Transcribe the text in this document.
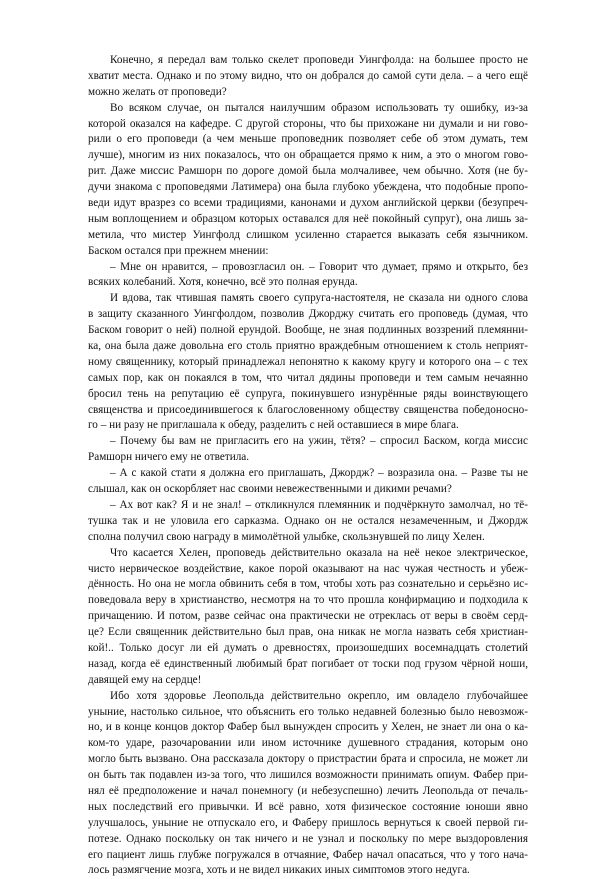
Конечно, я передал вам только скелет проповеди Уингфолда: на большее просто не
хватит места. Однако и по этому видно, что он добрался до самой сути дела. – а чего ещё
можно желать от проповеди?
Во всяком случае, он пытался наилучшим образом использовать ту ошибку, из-за
которой оказался на кафедре. С другой стороны, что бы прихожане ни думали и ни гово-
рили о его проповеди (а чем меньше проповедник позволяет себе об этом думать, тем
лучше), многим из них показалось, что он обращается прямо к ним, а это о многом гово-
рит. Даже миссис Рамшорн по дороге домой была молчаливее, чем обычно. Хотя (не бу-
дучи знакома с проповедями Латимера) она была глубоко убеждена, что подобные пропо-
веди идут вразрез со всеми традициями, канонами и духом английской церкви (безупреч-
ным воплощением и образцом которых оставался для неё покойный супруг), она лишь за-
метила, что мистер Уингфолд слишком усиленно старается выказать себя язычником.
Баском остался при прежнем мнении:
– Мне он нравится, – провозгласил он. – Говорит что думает, прямо и открыто, без
всяких колебаний. Хотя, конечно, всё это полная ерунда.
И вдова, так чтившая память своего супруга-настоятеля, не сказала ни одного слова
в защиту сказанного Уингфолдом, позволив Джорджу считать его проповедь (думая, что
Баском говорит о ней) полной ерундой. Вообще, не зная подлинных воззрений племянни-
ка, она была даже довольна его столь приятно враждебным отношением к столь неприят-
ному священнику, который принадлежал непонятно к какому кругу и которого она – с тех
самых пор, как он покаялся в том, что читал дядины проповеди и тем самым нечаянно
бросил тень на репутацию её супруга, покинувшего изнурённые ряды воинствующего
священства и присоединившегося к благословенному обществу священства победоносно-
го – ни разу не приглашала к обеду, разделить с ней оставшиеся в мире блага.
– Почему бы вам не пригласить его на ужин, тётя? – спросил Баском, когда миссис
Рамшорн ничего ему не ответила.
– А с какой стати я должна его приглашать, Джордж? – возразила она. – Разве ты не
слышал, как он оскорбляет нас своими невежественными и дикими речами?
– Ах вот как? Я и не знал! – откликнулся племянник и подчёркнуто замолчал, но тё-
тушка так и не уловила его сарказма. Однако он не остался незамеченным, и Джордж
сполна получил свою награду в мимолётной улыбке, скользнувшей по лицу Хелен.
Что касается Хелен, проповедь действительно оказала на неё некое электрическое,
чисто нервическое воздействие, какое порой оказывают на нас чужая честность и убеж-
дённость. Но она не могла обвинить себя в том, чтобы хоть раз сознательно и серьёзно ис-
поведовала веру в христианство, несмотря на то что прошла конфирмацию и подходила к
причащению. И потом, разве сейчас она практически не отреклась от веры в своём серд-
це? Если священник действительно был прав, она никак не могла назвать себя христиан-
кой!.. Только досуг ли ей думать о древностях, произошедших восемнадцать столетий
назад, когда её единственный любимый брат погибает от тоски под грузом чёрной ноши,
давящей ему на сердце!
Ибо хотя здоровье Леопольда действительно окрепло, им овладело глубочайшее
уныние, настолько сильное, что объяснить его только недавней болезнью было невозмож-
но, и в конце концов доктор Фабер был вынужден спросить у Хелен, не знает ли она о ка-
ком-то ударе, разочаровании или ином источнике душевного страдания, которым оно
могло быть вызвано. Она рассказала доктору о пристрастии брата и спросила, не может ли
он быть так подавлен из-за того, что лишился возможности принимать опиум. Фабер при-
нял её предположение и начал понемногу (и небезуспешно) лечить Леопольда от печаль-
ных последствий его привычки. И всё равно, хотя физическое состояние юноши явно
улучшалось, уныние не отпускало его, и Фаберу пришлось вернуться к своей первой ги-
потезе. Однако поскольку он так ничего и не узнал и поскольку по мере выздоровления
его пациент лишь глубже погружался в отчаяние, Фабер начал опасаться, что у того нача-
лось размягчение мозга, хоть и не видел никаких иных симптомов этого недуга.
